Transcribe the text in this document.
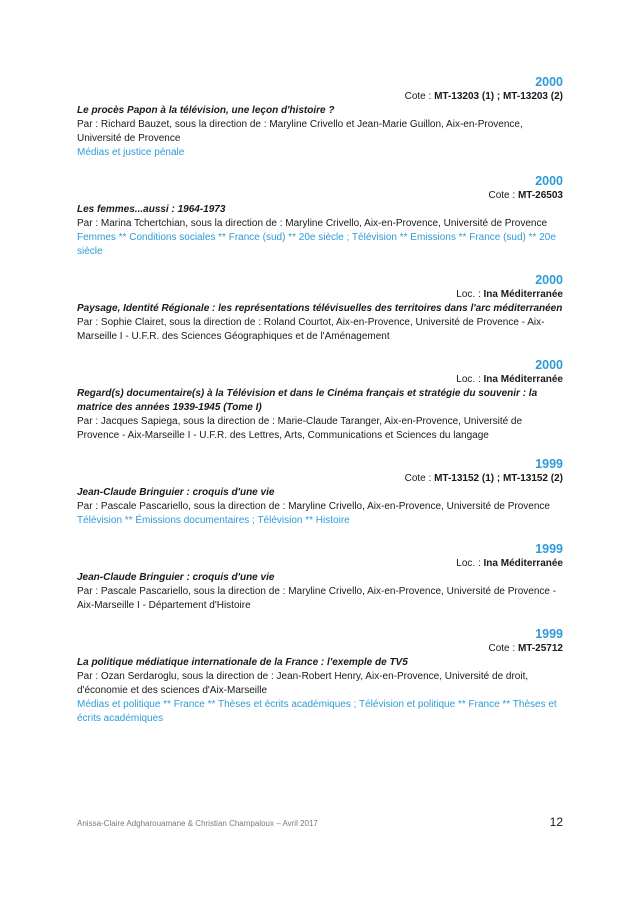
2000
Cote : MT-13203 (1) ; MT-13203 (2)
Le procès Papon à la télévision, une leçon d'histoire ?
Par : Richard Bauzet, sous la direction de : Maryline Crivello et Jean-Marie Guillon, Aix-en-Provence, Université de Provence
Médias et justice pénale
2000
Cote : MT-26503
Les femmes...aussi : 1964-1973
Par : Marina Tchertchian, sous la direction de : Maryline Crivello, Aix-en-Provence, Université de Provence
Femmes ** Conditions sociales ** France (sud) ** 20e siècle ; Télévision ** Emissions ** France (sud) ** 20e siècle
2000
Loc. : Ina Méditerranée
Paysage, Identité Régionale : les représentations télévisuelles des territoires dans l'arc méditerranéen
Par : Sophie Clairet, sous la direction de : Roland Courtot, Aix-en-Provence, Université de Provence - Aix-Marseille I - U.F.R. des Sciences Géographiques et de l'Aménagement
2000
Loc. : Ina Méditerranée
Regard(s) documentaire(s) à la Télévision et dans le Cinéma français et stratégie du souvenir : la matrice des années 1939-1945 (Tome I)
Par : Jacques Sapiega, sous la direction de : Marie-Claude Taranger, Aix-en-Provence, Université de Provence - Aix-Marseille I - U.F.R. des Lettres, Arts, Communications et Sciences du langage
1999
Cote : MT-13152 (1) ; MT-13152 (2)
Jean-Claude Bringuier : croquis d'une vie
Par : Pascale Pascariello, sous la direction de : Maryline Crivello, Aix-en-Provence, Université de Provence
Télévision ** Émissions documentaires ; Télévision ** Histoire
1999
Loc. : Ina Méditerranée
Jean-Claude Bringuier : croquis d'une vie
Par : Pascale Pascariello, sous la direction de : Maryline Crivello, Aix-en-Provence, Université de Provence - Aix-Marseille I - Département d'Histoire
1999
Cote : MT-25712
La politique médiatique internationale de la France : l'exemple de TV5
Par : Ozan Serdaroglu, sous la direction de : Jean-Robert Henry, Aix-en-Provence, Université de droit, d'économie et des sciences d'Aix-Marseille
Médias et politique ** France ** Thèses et écrits académiques ; Télévision et politique ** France ** Thèses et écrits académiques
Anissa-Claire Adgharouamane & Christian Champaloux – Avril 2017	12
